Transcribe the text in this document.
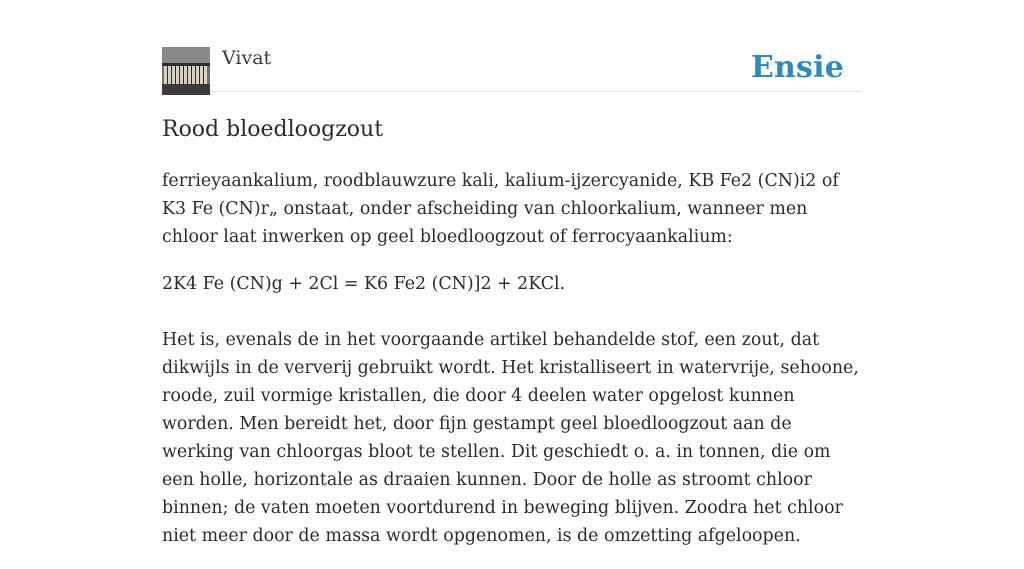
Vivat	Ensie
Rood bloedloogzout

ferrieyaankalium, roodblauwzure kali, kalium-ijzercyanide, KB Fe2 (CN)i2 of K3 Fe (CN)r„ onstaat, onder afscheiding van chloorkalium, wanneer men chloor laat inwerken op geel bloedloogzout of ferrocyaankalium:

2K4 Fe (CN)g + 2Cl = K6 Fe2 (CN)]2 + 2KCl.

Het is, evenals de in het voorgaande artikel behandelde stof, een zout, dat dikwijls in de ververij gebruikt wordt. Het kristalliseert in watervrije, sehoone, roode, zuil vormige kristallen, die door 4 deelen water opgelost kunnen worden. Men bereidt het, door fijn gestampt geel bloedloogzout aan de werking van chloorgas bloot te stellen. Dit geschiedt o. a. in tonnen, die om een holle, horizontale as draaien kunnen. Door de holle as stroomt chloor binnen; de vaten moeten voortdurend in beweging blijven. Zoodra het chloor niet meer door de massa wordt opgenomen, is de omzetting afgeloopen.
